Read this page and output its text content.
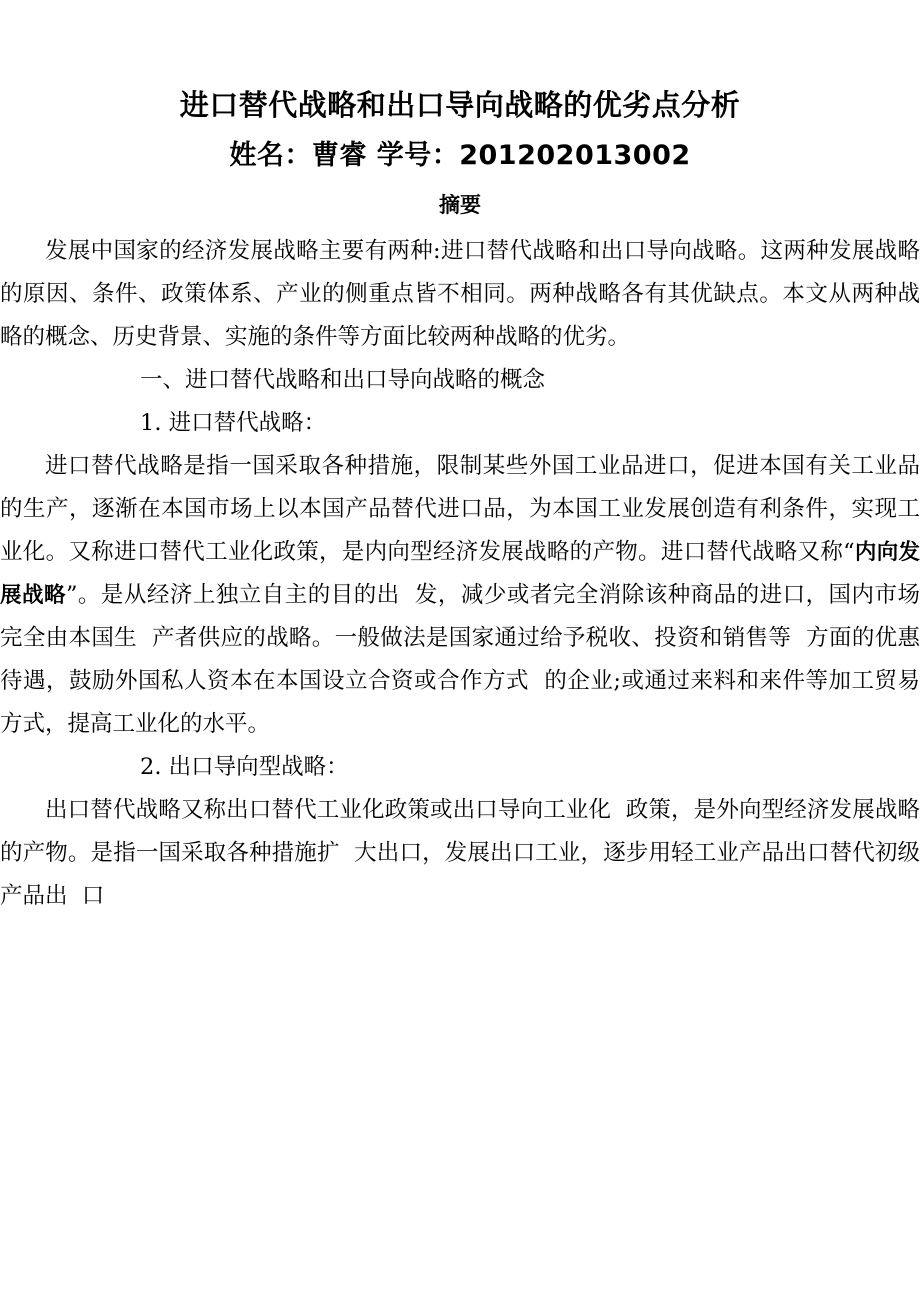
进口替代战略和出口导向战略的优劣点分析
姓名：曹睿 学号：201202013002
摘要

发展中国家的经济发展战略主要有两种:进口替代战略和出口导向战略。这两种发展战略的原因、条件、政策体系、产业的侧重点皆不相同。两种战略各有其优缺点。本文从两种战略的概念、历史背景、实施的条件等方面比较两种战略的优劣。

一、进口替代战略和出口导向战略的概念
1. 进口替代战略：

进口替代战略是指一国采取各种措施，限制某些外国工业品进口，促进本国有关工业品的生产，逐渐在本国市场上以本国产品替代进口品，为本国工业发展创造有利条件，实现工业化。又称进口替代工业化政策，是内向型经济发展战略的产物。进口替代战略又称“内向发展战略”。是从经济上独立自主的目的出  发，减少或者完全消除该种商品的进口，国内市场完全由本国生  产者供应的战略。一般做法是国家通过给予税收、投资和销售等  方面的优惠待遇，鼓励外国私人资本在本国设立合资或合作方式  的企业;或通过来料和来件等加工贸易方式，提高工业化的水平。

2. 出口导向型战略：

出口替代战略又称出口替代工业化政策或出口导向工业化  政策，是外向型经济发展战略的产物。是指一国采取各种措施扩  大出口，发展出口工业，逐步用轻工业产品出口替代初级产品出  口
